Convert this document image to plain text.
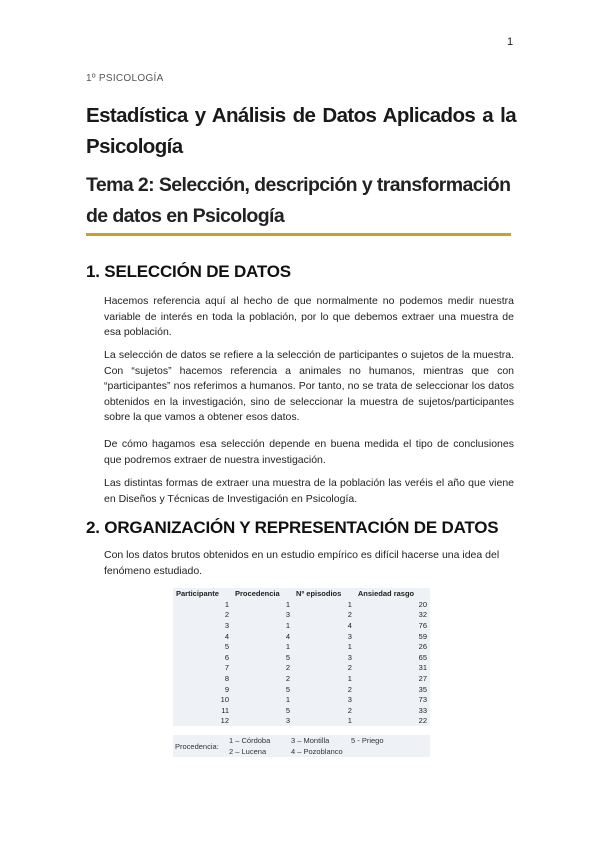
1
1º PSICOLOGÍA
Estadística y Análisis de Datos Aplicados a la Psicología
Tema 2: Selección, descripción y transformación de datos en Psicología
1. SELECCIÓN DE DATOS

Hacemos referencia aquí al hecho de que normalmente no podemos medir nuestra variable de interés en toda la población, por lo que debemos extraer una muestra de esa población.

La selección de datos se refiere a la selección de participantes o sujetos de la muestra. Con “sujetos” hacemos referencia a animales no humanos, mientras que con “participantes” nos referimos a humanos. Por tanto, no se trata de seleccionar los datos obtenidos en la investigación, sino de seleccionar la muestra de sujetos/participantes sobre la que vamos a obtener esos datos.

De cómo hagamos esa selección depende en buena medida el tipo de conclusiones que podremos extraer de nuestra investigación.

Las distintas formas de extraer una muestra de la población las veréis el año que viene en Diseños y Técnicas de Investigación en Psicología.

2. ORGANIZACIÓN Y REPRESENTACIÓN DE DATOS

Con los datos brutos obtenidos en un estudio empírico es difícil hacerse una idea del fenómeno estudiado.

Participante	Procedencia	Nº episodios	Ansiedad rasgo
1	1	1	20
2	3	2	32
3	1	4	76
4	4	3	59
5	1	1	26
6	5	3	65
7	2	2	31
8	2	1	27
9	5	2	35
10	1	3	73
11	5	2	33
12	3	1	22
Procedencia:
1 – Córdoba
2 – Lucena
3 – Montilla
4 – Pozoblanco
5 - Priego
